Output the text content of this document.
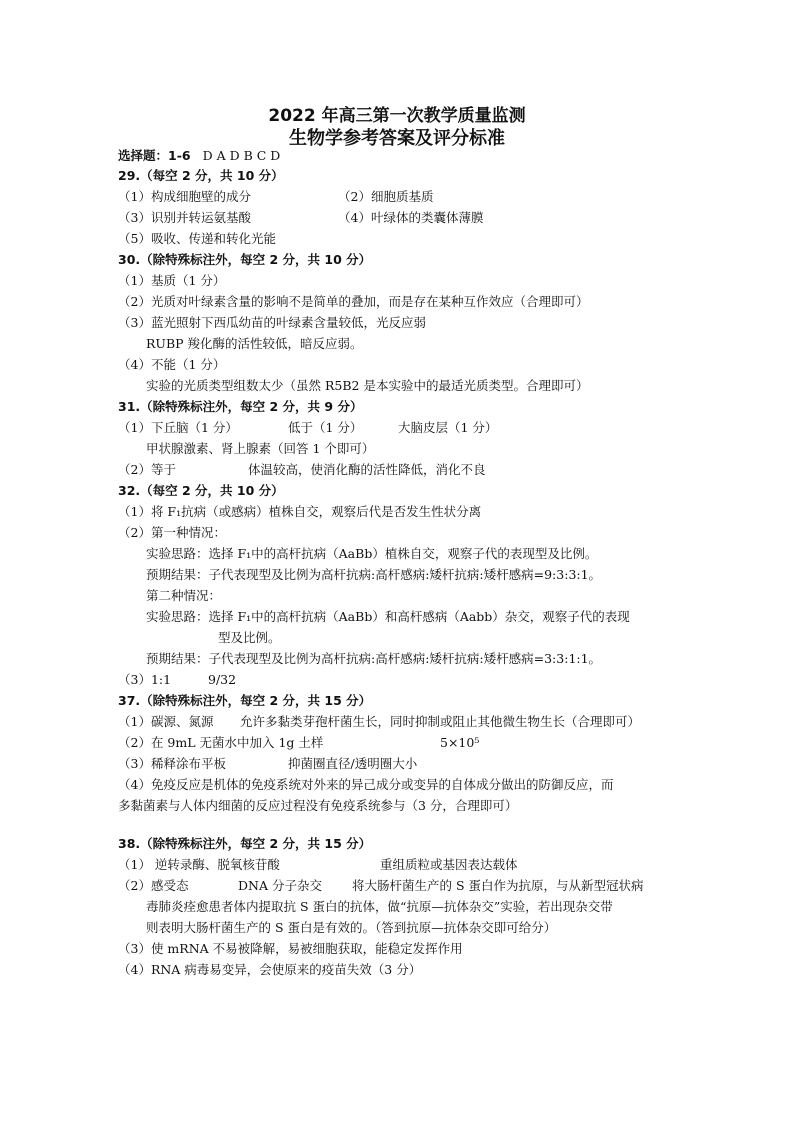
2022 年高三第一次教学质量监测
生物学参考答案及评分标准
选择题：1-6 D A D B C D
29.（每空 2 分，共 10 分）
（1）构成细胞壁的成分	（2）细胞质基质
（3）识别并转运氨基酸	（4）叶绿体的类囊体薄膜
（5）吸收、传递和转化光能
30.（除特殊标注外，每空 2 分，共 10 分）
（1）基质（1 分）
（2）光质对叶绿素含量的影响不是简单的叠加，而是存在某种互作效应（合理即可）
（3）蓝光照射下西瓜幼苗的叶绿素含量较低，光反应弱
RUBP 羧化酶的活性较低，暗反应弱。
（4）不能（1 分）
实验的光质类型组数太少（虽然 R5B2 是本实验中的最适光质类型。合理即可）
31.（除特殊标注外，每空 2 分，共 9 分）
（1）下丘脑（1 分）	低于（1 分）	大脑皮层（1 分）
甲状腺激素、肾上腺素（回答 1 个即可）
（2）等于	体温较高，使消化酶的活性降低，消化不良
32.（每空 2 分，共 10 分）
（1）将 F₁抗病（或感病）植株自交，观察后代是否发生性状分离
（2）第一种情况：
实验思路：选择 F₁中的高杆抗病（AaBb）植株自交，观察子代的表现型及比例。
预期结果：子代表现型及比例为高杆抗病:高杆感病:矮杆抗病:矮杆感病=9:3:3:1。
第二种情况：
实验思路：选择 F₁中的高杆抗病（AaBb）和高杆感病（Aabb）杂交，观察子代的表现
型及比例。
预期结果：子代表现型及比例为高杆抗病:高杆感病:矮杆抗病:矮杆感病=3:3:1:1。
（3）1:1	9/32
37.（除特殊标注外，每空 2 分，共 15 分）
（1）碳源、氮源 允许多黏类芽孢杆菌生长，同时抑制或阻止其他微生物生长（合理即可）
（2）在 9mL 无菌水中加入 1g 土样	5×10⁵
（3）稀释涂布平板	抑菌圈直径/透明圈大小
（4）免疫反应是机体的免疫系统对外来的异己成分或变异的自体成分做出的防御反应，而
多黏菌素与人体内细菌的反应过程没有免疫系统参与（3 分，合理即可）
38.（除特殊标注外，每空 2 分，共 15 分）
（1） 逆转录酶、脱氧核苷酸	重组质粒或基因表达载体
（2）感受态	DNA 分子杂交 将大肠杆菌生产的 S 蛋白作为抗原，与从新型冠状病
毒肺炎痊愈患者体内提取抗 S 蛋白的抗体，做“抗原—抗体杂交”实验，若出现杂交带
则表明大肠杆菌生产的 S 蛋白是有效的。（答到抗原—抗体杂交即可给分）
（3）使 mRNA 不易被降解，易被细胞获取，能稳定发挥作用
（4）RNA 病毒易变异，会使原来的疫苗失效（3 分）
